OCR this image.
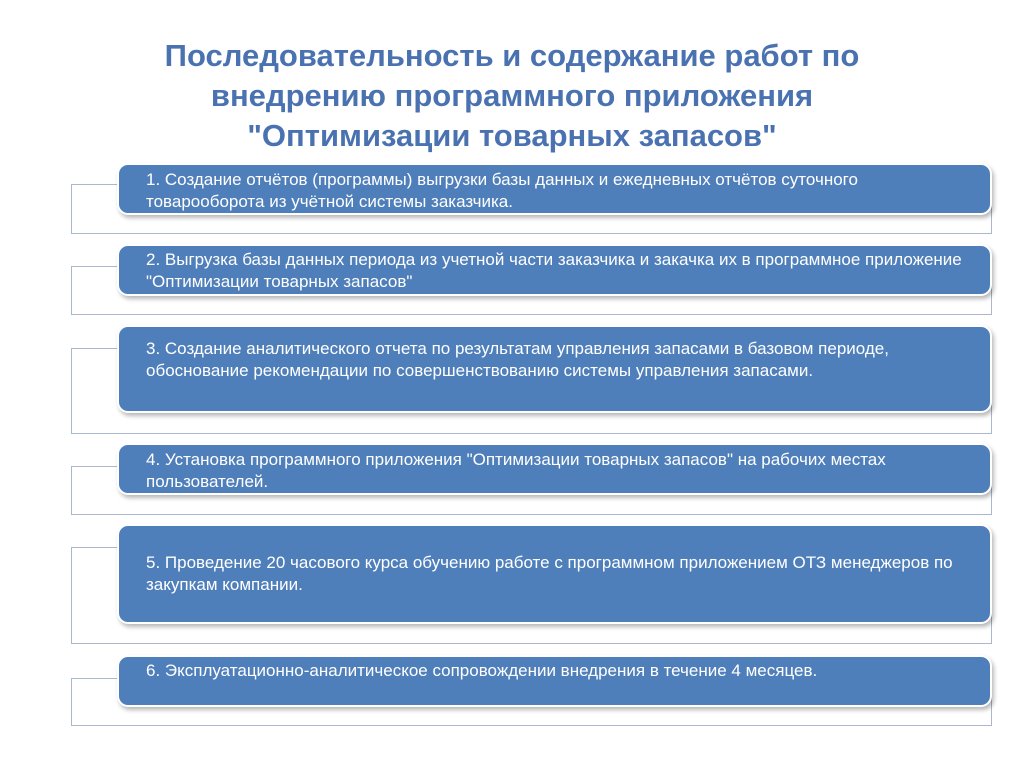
Последовательность и содержание работ по
внедрению программного приложения
"Оптимизации товарных запасов"
1. Создание отчётов (программы) выгрузки базы данных и ежедневных отчётов суточного товарооборота из учётной системы заказчика.
2. Выгрузка базы данных периода из учетной части заказчика и закачка их в программное приложение "Оптимизации товарных запасов"
3. Создание аналитического отчета по результатам управления запасами в базовом периоде, обоснование рекомендации по совершенствованию системы управления запасами.
4. Установка программного приложения "Оптимизации товарных запасов" на рабочих местах пользователей.
5. Проведение 20 часового курса обучению работе с программном приложением ОТЗ менеджеров по закупкам компании.
6. Эксплуатационно-аналитическое сопровождении внедрения в течение 4 месяцев.
